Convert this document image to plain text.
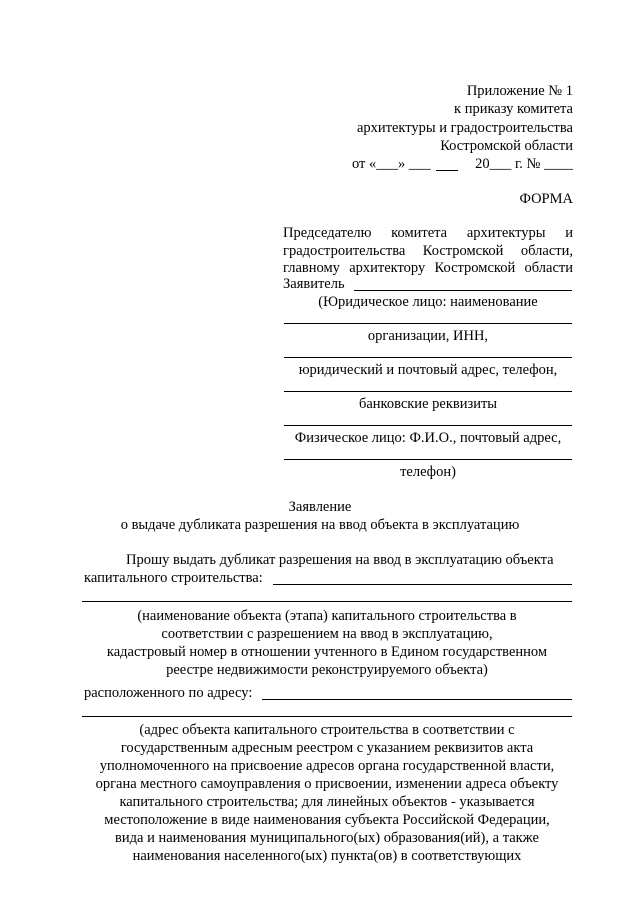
Приложение № 1
к приказу комитета
архитектуры и градостроительства
Костромской области
от «___» ___	20___ г. № ____
ФОРМА
Председателю комитета архитектуры и
градостроительства Костромской области,
главному архитектору Костромской области
Заявитель
(Юридическое лицо: наименование
организации, ИНН,
юридический и почтовый адрес, телефон,
банковские реквизиты
Физическое лицо: Ф.И.О., почтовый адрес,
телефон)
Заявление
о выдаче дубликата разрешения на ввод объекта в эксплуатацию
Прошу выдать дубликат разрешения на ввод в эксплуатацию объекта
капитального строительства:
(наименование объекта (этапа) капитального строительства в
соответствии с разрешением на ввод в эксплуатацию,
кадастровый номер в отношении учтенного в Едином государственном
реестре недвижимости реконструируемого объекта)
расположенного по адресу:
(адрес объекта капитального строительства в соответствии с
государственным адресным реестром с указанием реквизитов акта
уполномоченного на присвоение адресов органа государственной власти,
органа местного самоуправления о присвоении, изменении адреса объекту
капитального строительства; для линейных объектов - указывается
местоположение в виде наименования субъекта Российской Федерации,
вида и наименования муниципального(ых) образования(ий), а также
наименования населенного(ых) пункта(ов) в соответствующих
